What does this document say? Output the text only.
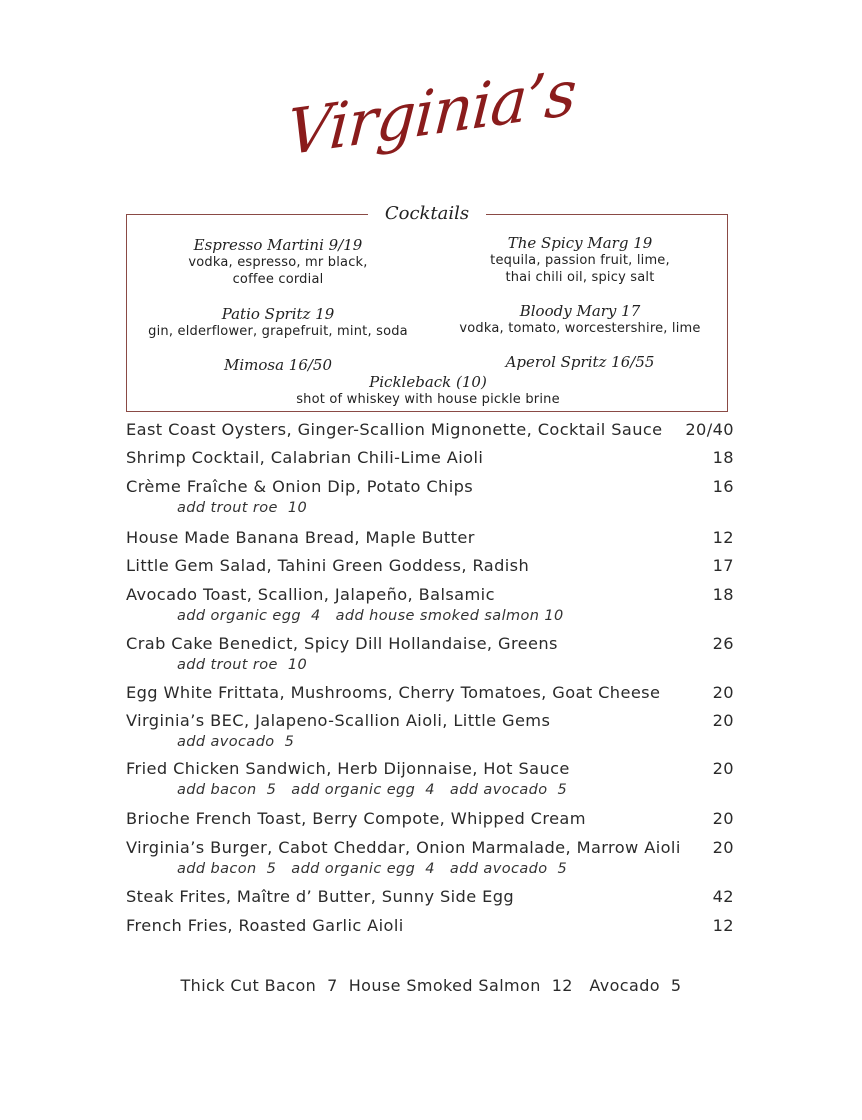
Virginia’s
Cocktails
Espresso Martini 9/19
vodka, espresso, mr black,
coffee cordial
The Spicy Marg 19
tequila, passion fruit, lime,
thai chili oil, spicy salt
Patio Spritz 19
gin, elderflower, grapefruit, mint, soda
Bloody Mary 17
vodka, tomato, worcestershire, lime
Mimosa 16/50	Aperol Spritz 16/55
Pickleback (10)
shot of whiskey with house pickle brine
East Coast Oysters, Ginger-Scallion Mignonette, Cocktail Sauce	20/40
Shrimp Cocktail, Calabrian Chili-Lime Aioli	18
Crème Fraîche & Onion Dip, Potato Chips	16
add trout roe  10
House Made Banana Bread, Maple Butter	12
Little Gem Salad, Tahini Green Goddess, Radish	17
Avocado Toast, Scallion, Jalapeño, Balsamic	18
add organic egg  4   add house smoked salmon 10
Crab Cake Benedict, Spicy Dill Hollandaise, Greens	26
add trout roe  10
Egg White Frittata, Mushrooms, Cherry Tomatoes, Goat Cheese	20
Virginia’s BEC, Jalapeno-Scallion Aioli, Little Gems	20
add avocado  5
Fried Chicken Sandwich, Herb Dijonnaise, Hot Sauce	20
add bacon  5   add organic egg  4   add avocado  5
Brioche French Toast, Berry Compote, Whipped Cream	20
Virginia’s Burger, Cabot Cheddar, Onion Marmalade, Marrow Aioli	20
add bacon  5   add organic egg  4   add avocado  5
Steak Frites, Maître d’ Butter, Sunny Side Egg	42
French Fries, Roasted Garlic Aioli	12
Thick Cut Bacon  7  House Smoked Salmon  12   Avocado  5
